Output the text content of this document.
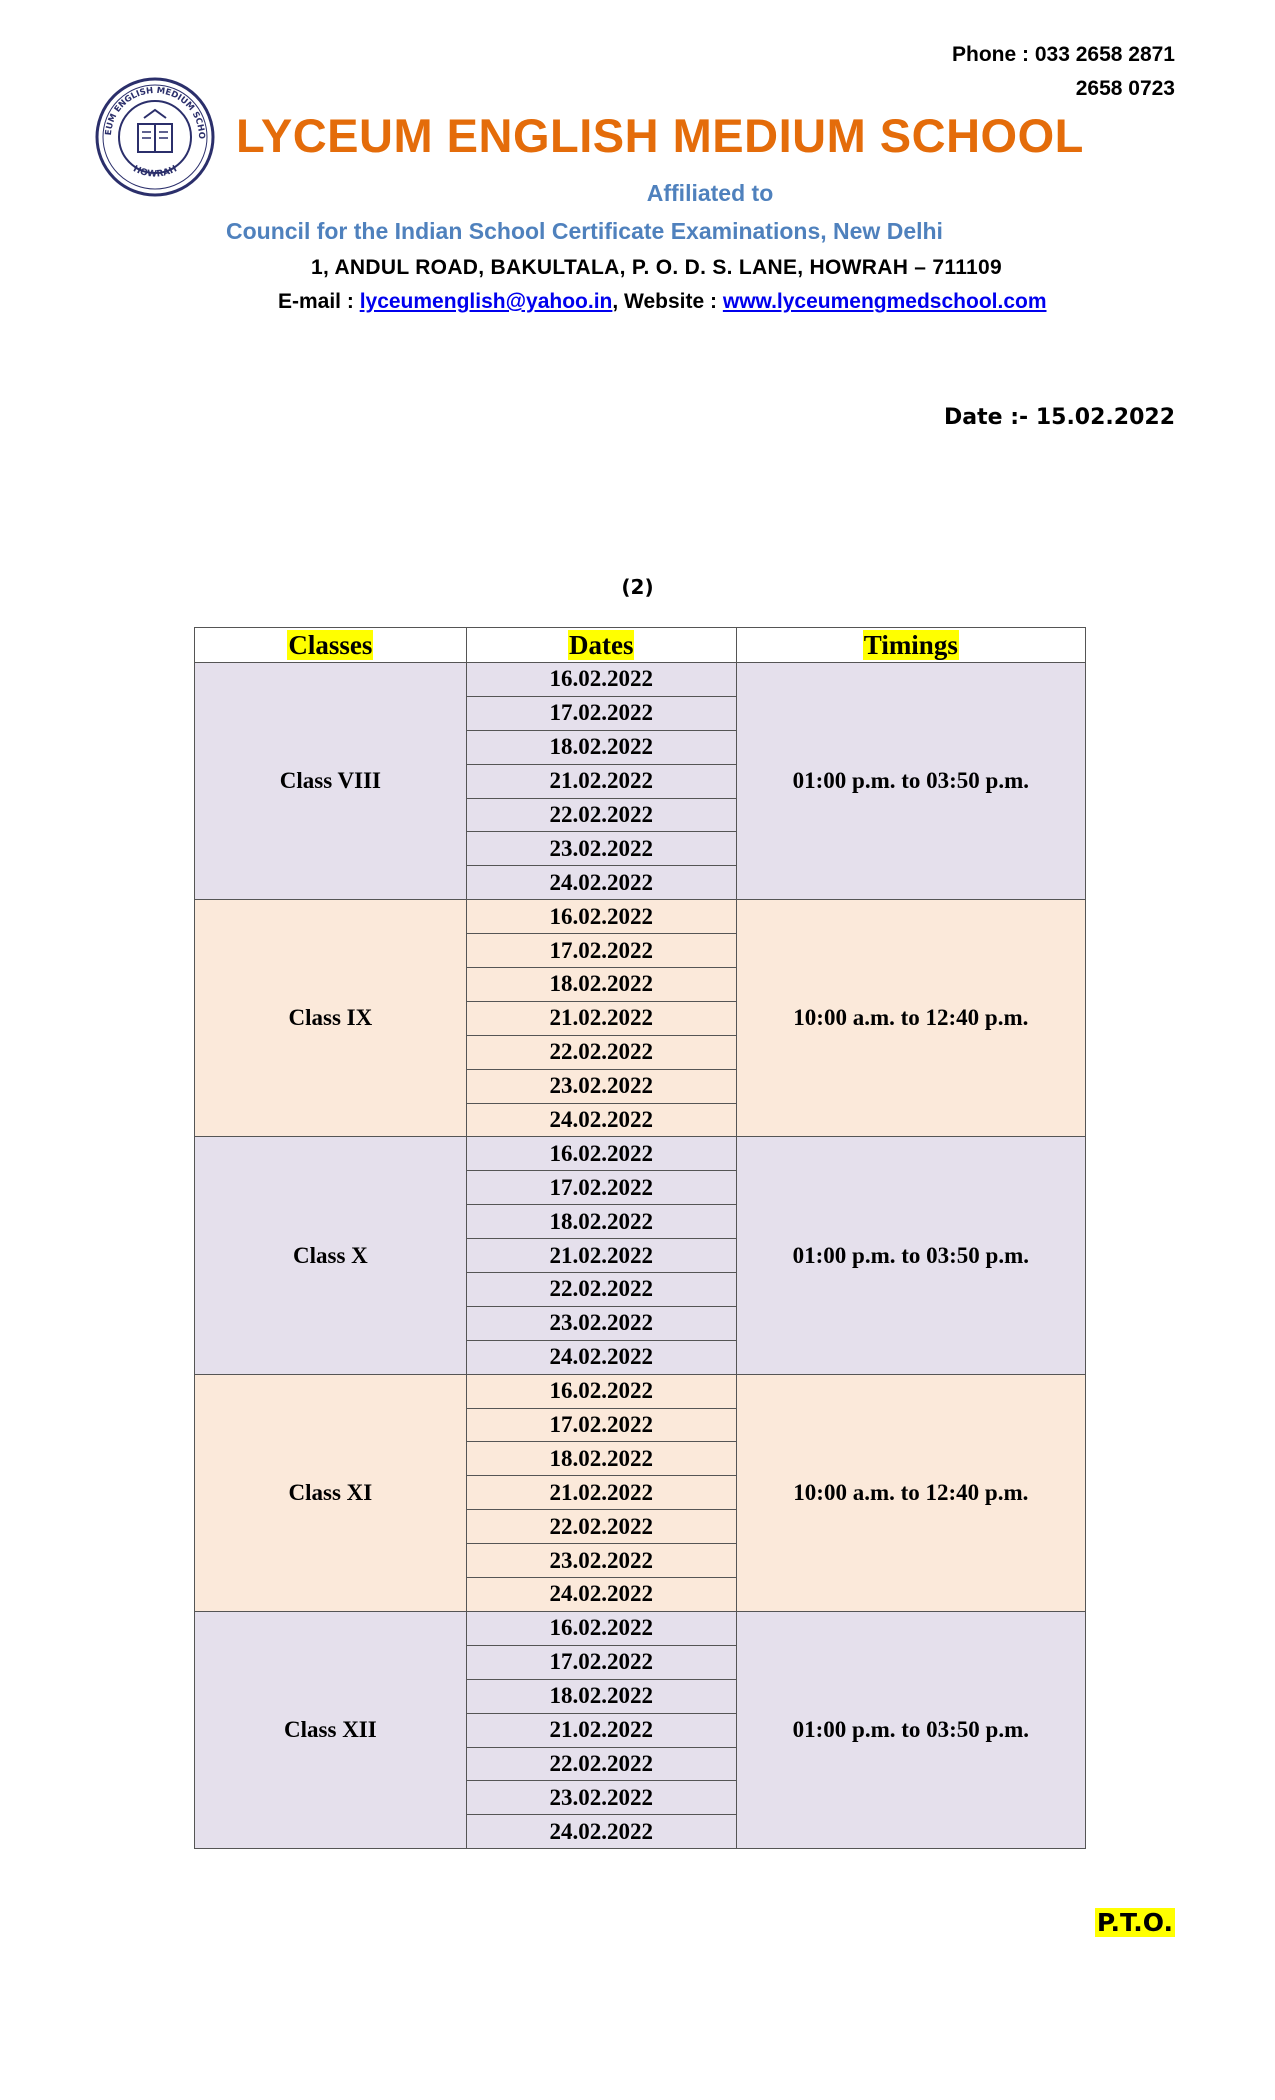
Phone : 033 2658 2871
2658 0723
EUM ENGLISH MEDIUM SCHO
HOWRAH
LYCEUM ENGLISH MEDIUM SCHOOL
Affiliated to
Council for the Indian School Certificate Examinations, New Delhi
1, ANDUL ROAD, BAKULTALA, P. O. D. S. LANE, HOWRAH – 711109
E-mail : lyceumenglish@yahoo.in, Website : www.lyceumengmedschool.com
Date :- 15.02.2022
(2)
Classes	Dates	Timings
Class VIII	16.02.2022	01:00 p.m. to 03:50 p.m.
	17.02.2022	
	18.02.2022	
	21.02.2022	
	22.02.2022	
	23.02.2022	
	24.02.2022	
Class IX	16.02.2022	10:00 a.m. to 12:40 p.m.
	17.02.2022	
	18.02.2022	
	21.02.2022	
	22.02.2022	
	23.02.2022	
	24.02.2022	
Class X	16.02.2022	01:00 p.m. to 03:50 p.m.
	17.02.2022	
	18.02.2022	
	21.02.2022	
	22.02.2022	
	23.02.2022	
	24.02.2022	
Class XI	16.02.2022	10:00 a.m. to 12:40 p.m.
	17.02.2022	
	18.02.2022	
	21.02.2022	
	22.02.2022	
	23.02.2022	
	24.02.2022	
Class XII	16.02.2022	01:00 p.m. to 03:50 p.m.
	17.02.2022	
	18.02.2022	
	21.02.2022	
	22.02.2022	
	23.02.2022	
	24.02.2022	
P.T.O.
